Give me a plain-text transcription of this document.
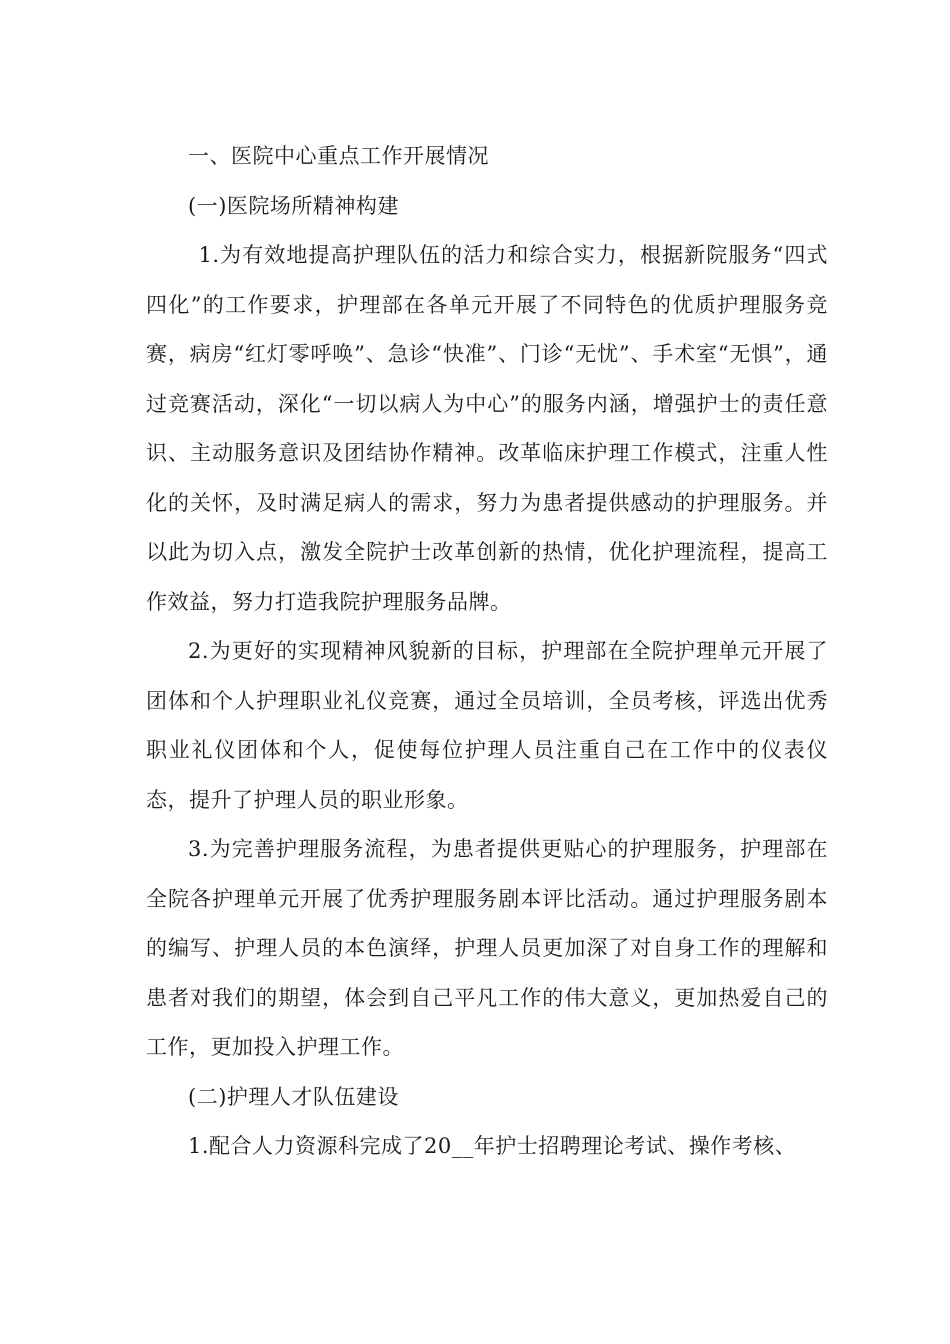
一、医院中心重点工作开展情况

(一)医院场所精神构建

1.为有效地提高护理队伍的活力和综合实力，根据新院服务“四式四化”的工作要求，护理部在各单元开展了不同特色的优质护理服务竞赛，病房“红灯零呼唤”、急诊“快准”、门诊“无忧”、手术室“无惧”，通过竞赛活动，深化“一切以病人为中心”的服务内涵，增强护士的责任意识、主动服务意识及团结协作精神。改革临床护理工作模式，注重人性化的关怀，及时满足病人的需求，努力为患者提供感动的护理服务。并以此为切入点，激发全院护士改革创新的热情，优化护理流程，提高工作效益，努力打造我院护理服务品牌。

2.为更好的实现精神风貌新的目标，护理部在全院护理单元开展了团体和个人护理职业礼仪竞赛，通过全员培训，全员考核，评选出优秀职业礼仪团体和个人，促使每位护理人员注重自己在工作中的仪表仪态，提升了护理人员的职业形象。

3.为完善护理服务流程，为患者提供更贴心的护理服务，护理部在全院各护理单元开展了优秀护理服务剧本评比活动。通过护理服务剧本的编写、护理人员的本色演绎，护理人员更加深了对自身工作的理解和患者对我们的期望，体会到自己平凡工作的伟大意义，更加热爱自己的工作，更加投入护理工作。

(二)护理人才队伍建设

1.配合人力资源科完成了20__年护士招聘理论考试、操作考核、
